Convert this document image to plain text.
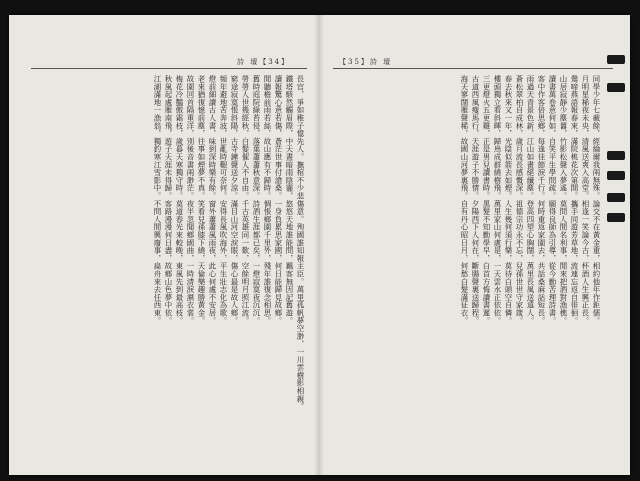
詩 壇【34】

長官，爭如稚子憶先人。撫棺不少悲傷意。殉國誰知報主臣。萬里孤帆夢空渺，一川雲樹影相親。

鐵塔駭然觸眉際，中天晝暗雨陰霾，悠悠天地誰能問，羈客無因記舊遊。

讀報驚心意若傷，蒼茫世事付滄桑。一身負累思家國，何日能歸見故鄉。

閒聽檐前雨若絲，故山應有不歸時。惆悵鄉園千里外，殘年誰復念相思。

舊時庭院綠苔侵，落葉蕭蕭秋意深。詩酒生涯都已矣，一燈寂寞夜沉沉。

勞勞人世幾經秋，白髮催人不自由。千古英雄同一歎，空餘明月照江流。

窮途寂寞悵斜陽，古寺鐘聲送夕涼。滿目山河空淚眼，傷心最是故人鄉。

頻年避地苦奔波，世亂時艱可奈何。安得長風吹海外，平生壯志化為歌。

燈前細讀古人書，味到深時樂有餘。窗外蕭蕭風雨夜，此心何處不安居。

老來猶復憶前塵，往事如煙夢不真。笑看兒孫膝下繞，天倫樂趣勝黃金。

故園回首隔重洋，別後音書兩渺茫。夜半忽聞鄉國曲，一時清淚濕衣裳。

梅花冷豔傲霜枝，歲暮天寒獨守時。莫道春光來較晚，東風先到最高枝。

秋風起處雁南飛，遊子天涯未得歸。客路漫漫何日盡，故鄉山色夢中依。

江湖滿地一漁翁，獨釣寒江雪影中。不問人間興廢事，扁舟來去任西東。

【35】詩 壇

同學少年七載餘，經綸爾我兩無殊。論交不在黃金重，相約他年作鉅儒。

月明星稀夜未央，清風送爽入高堂。相逢一笑論今古，杯酒人生興正長。

鶯啼燕語報春來，滿院桃花次第開。攜手同遊芳草地，流連忘返自徘徊。

山居寂靜少塵囂，竹影松聲入夢遙。莫問人間名利事，閒來把酒對漁樵。

讀書萬卷意何如，自笑平生學問疏。願得良師為引導，從今勤苦理詩書。

客中作客倍思鄉，每逢佳節淚千行。何時重返家園去，共話桑麻話短長。

雨過天青景色新，江山如畫絕纖塵。登高四望心胸闊，萬里長風送遠人。

蒼松翠柏自成林，歲月流長感慨深。祖德宗功永不忘，兒孫世世守家箴。

春去秋來又一年，光陰似箭去如煙。人生幾何須行樂，莫待白頭空自憐。

樓頭獨立看斜暉，歸鳥成群繞樹飛。萬里家山何處是，一天雲水正依依。

三更燈火五更雞，正是男兒讀書時。黑髮不知勤學早，白首方悔讀書遲。

古道西風瘦馬行，天涯遊子不勝情。夕陽西下人何在，斷腸聲裏送歸程。

海天寥闊雁聲稀，故國山河夢裏飛。自有丹心昭日月，何愁白髮滿征衣。
